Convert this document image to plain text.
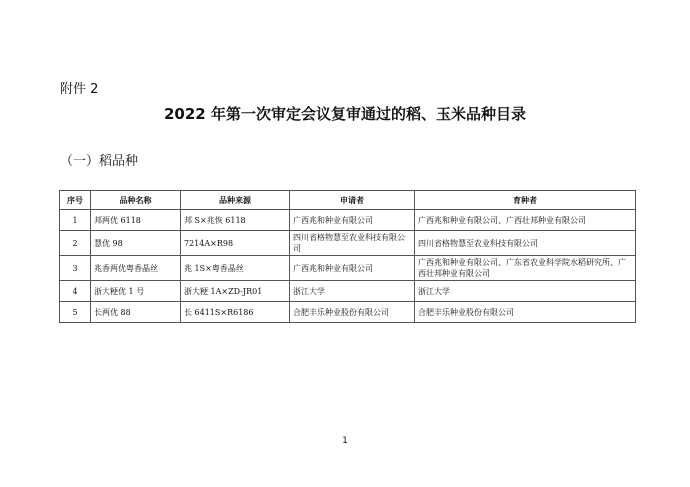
附件 2
2022 年第一次审定会议复审通过的稻、玉米品种目录
（一）稻品种
序号	品种名称	品种来源	申请者	育种者
1	邦两优 6118	邦 S×兆恢 6118	广西兆和种业有限公司	广西兆和种业有限公司、广西壮邦种业有限公司
2	慧优 98	7214A×R98	四川省格物慧至农业科技有限公司	四川省格物慧至农业科技有限公司
3	兆香两优粤香晶丝	兆 1S×粤香晶丝	广西兆和种业有限公司	广西兆和种业有限公司、广东省农业科学院水稻研究所、广西壮邦种业有限公司
4	浙大粳优 1 号	浙大粳 1A×ZD-JR01	浙江大学	浙江大学
5	长两优 88	长 6411S×R6186	合肥丰乐种业股份有限公司	合肥丰乐种业股份有限公司
1
